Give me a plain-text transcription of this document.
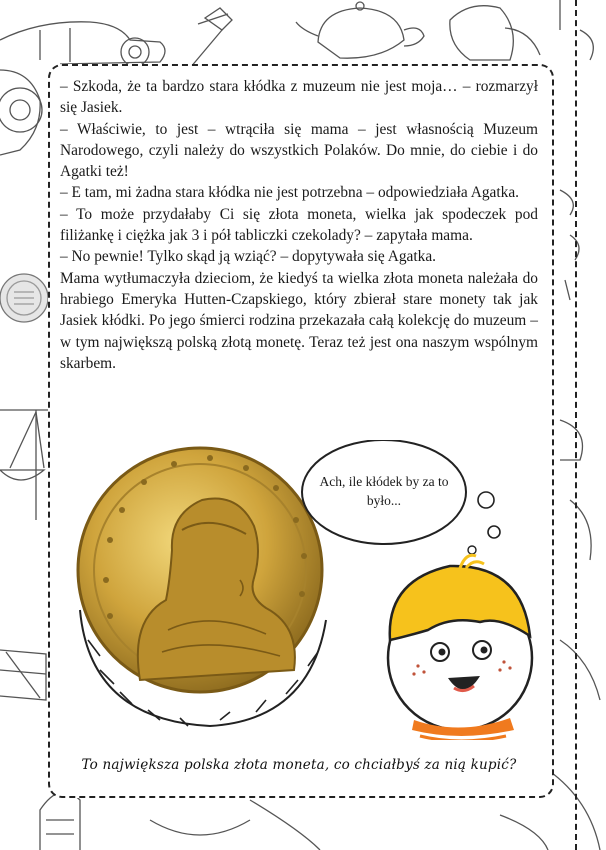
– Szkoda, że ta bardzo stara kłódka z muzeum nie jest moja… – rozmarzył się Jasiek.

– Właściwie, to jest – wtrąciła się mama – jest własnością Muzeum Narodowego, czyli należy do wszystkich Polaków. Do mnie, do ciebie i do Agatki też!

– E tam, mi żadna stara kłódka nie jest potrzebna – odpowiedziała Agatka.

– To może przydałaby Ci się złota moneta, wielka jak spodeczek pod filiżankę i ciężka jak 3 i pół tabliczki czekolady? – zapytała mama.

– No pewnie! Tylko skąd ją wziąć? – dopytywała się Agatka.

Mama wytłumaczyła dzieciom, że kiedyś ta wielka złota moneta należała do hrabiego Emeryka Hutten-Czapskiego, który zbierał stare monety tak jak Jasiek kłódki. Po jego śmierci rodzina przekazała całą kolekcję do muzeum – w tym największą polską złotą monetę. Teraz też jest ona naszym wspólnym skarbem.

Ach, ile kłódek by za to było...
To największa polska złota moneta, co chciałbyś za nią kupić?
